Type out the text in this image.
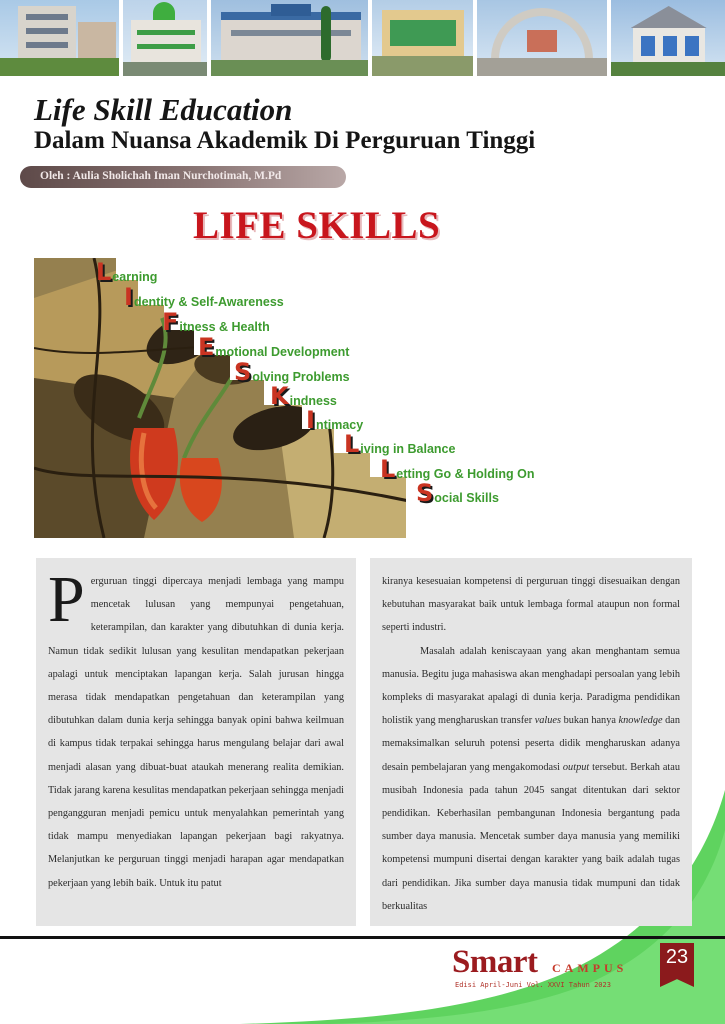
Life Skill Education
Dalam Nuansa Akademik Di Perguruan Tinggi
Oleh : Aulia Sholichah Iman Nurchotimah, M.Pd
LIFE SKILLS
L earning
I dentity & Self-Awareness
F itness & Health
E motional Development
S olving Problems
K indness
I ntimacy
L iving in Balance
L etting Go & Holding On
S ocial Skills

Perguruan tinggi dipercaya menjadi lembaga yang mampu mencetak lulusan yang mempunyai pengetahuan, keterampilan, dan karakter yang dibutuhkan di dunia kerja. Namun tidak sedikit lulusan yang kesulitan mendapatkan pekerjaan apalagi untuk menciptakan lapangan kerja. Salah jurusan hingga merasa tidak mendapatkan pengetahuan dan keterampilan yang dibutuhkan dalam dunia kerja sehingga banyak opini bahwa keilmuan di kampus tidak terpakai sehingga harus mengulang belajar dari awal menjadi alasan yang dibuat-buat ataukah menerang realita demikian. Tidak jarang karena kesulitas mendapatkan pekerjaan sehingga menjadi pengangguran menjadi pemicu untuk menyalahkan pemerintah yang tidak mampu menyediakan lapangan pekerjaan bagi rakyatnya. Melanjutkan ke perguruan tinggi menjadi harapan agar mendapatkan pekerjaan yang lebih baik. Untuk itu patut

kiranya kesesuaian kompetensi di perguruan tinggi disesuaikan dengan kebutuhan masyarakat baik untuk lembaga formal ataupun non formal seperti industri.

Masalah adalah keniscayaan yang akan menghantam semua manusia. Begitu juga mahasiswa akan menghadapi persoalan yang lebih kompleks di masyarakat apalagi di dunia kerja. Paradigma pendidikan holistik yang mengharuskan transfer values bukan hanya knowledge dan memaksimalkan seluruh potensi peserta didik mengharuskan adanya desain pembelajaran yang mengakomodasi output tersebut. Berkah atau musibah Indonesia pada tahun 2045 sangat ditentukan dari sektor pendidikan. Keberhasilan pembangunan Indonesia bergantung pada sumber daya manusia. Mencetak sumber daya manusia yang memiliki kompetensi mumpuni disertai dengan karakter yang baik adalah tugas dari pendidikan. Jika sumber daya manusia tidak mumpuni dan tidak berkualitas

Smart CAMPUS
Edisi April-Juni Vol. XXVI Tahun 2023
23
